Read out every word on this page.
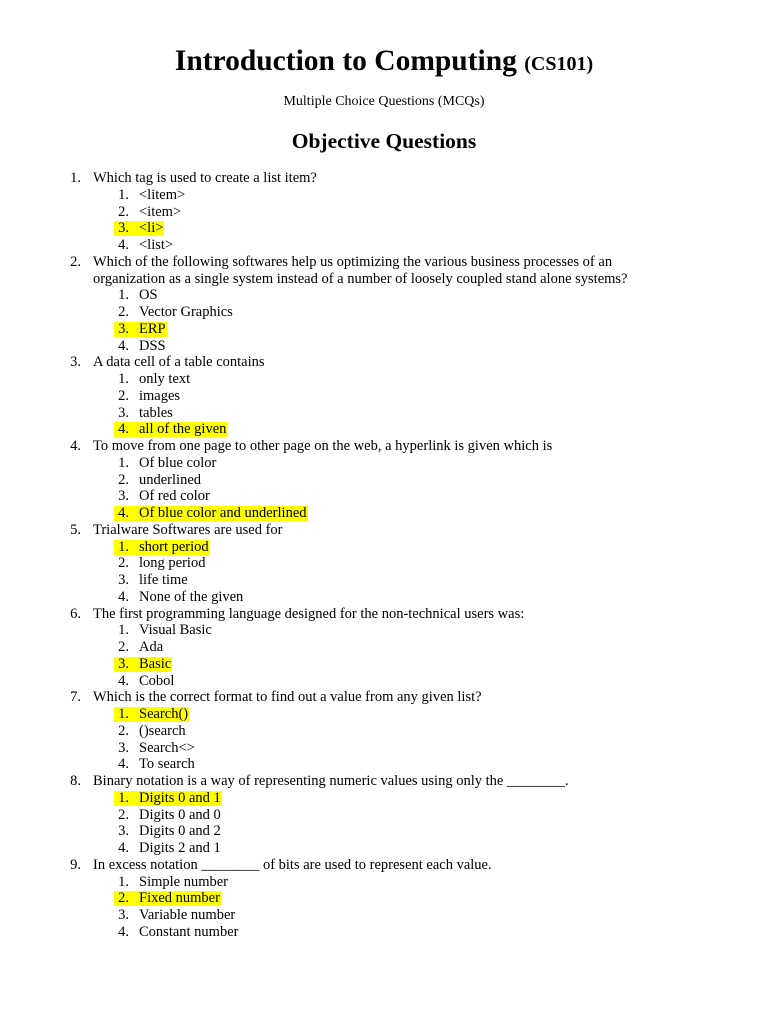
Introduction to Computing (CS101)
Multiple Choice Questions (MCQs)
Objective Questions
1. Which tag is used to create a list item?
1. <litem>
2. <item>
3. <li>
4. <list>
2. Which of the following softwares help us optimizing the various business processes of an
organization as a single system instead of a number of loosely coupled stand alone systems?
1. OS
2. Vector Graphics
3. ERP
4. DSS
3. A data cell of a table contains
1. only text
2. images
3. tables
4. all of the given
4. To move from one page to other page on the web, a hyperlink is given which is
1. Of blue color
2. underlined
3. Of red color
4. Of blue color and underlined
5. Trialware Softwares are used for
1. short period
2. long period
3. life time
4. None of the given
6. The first programming language designed for the non-technical users was:
1. Visual Basic
2. Ada
3. Basic
4. Cobol
7. Which is the correct format to find out a value from any given list?
1. Search()
2. ()search
3. Search<>
4. To search
8. Binary notation is a way of representing numeric values using only the ________.
1. Digits 0 and 1
2. Digits 0 and 0
3. Digits 0 and 2
4. Digits 2 and 1
9. In excess notation ________ of bits are used to represent each value.
1. Simple number
2. Fixed number
3. Variable number
4. Constant number
